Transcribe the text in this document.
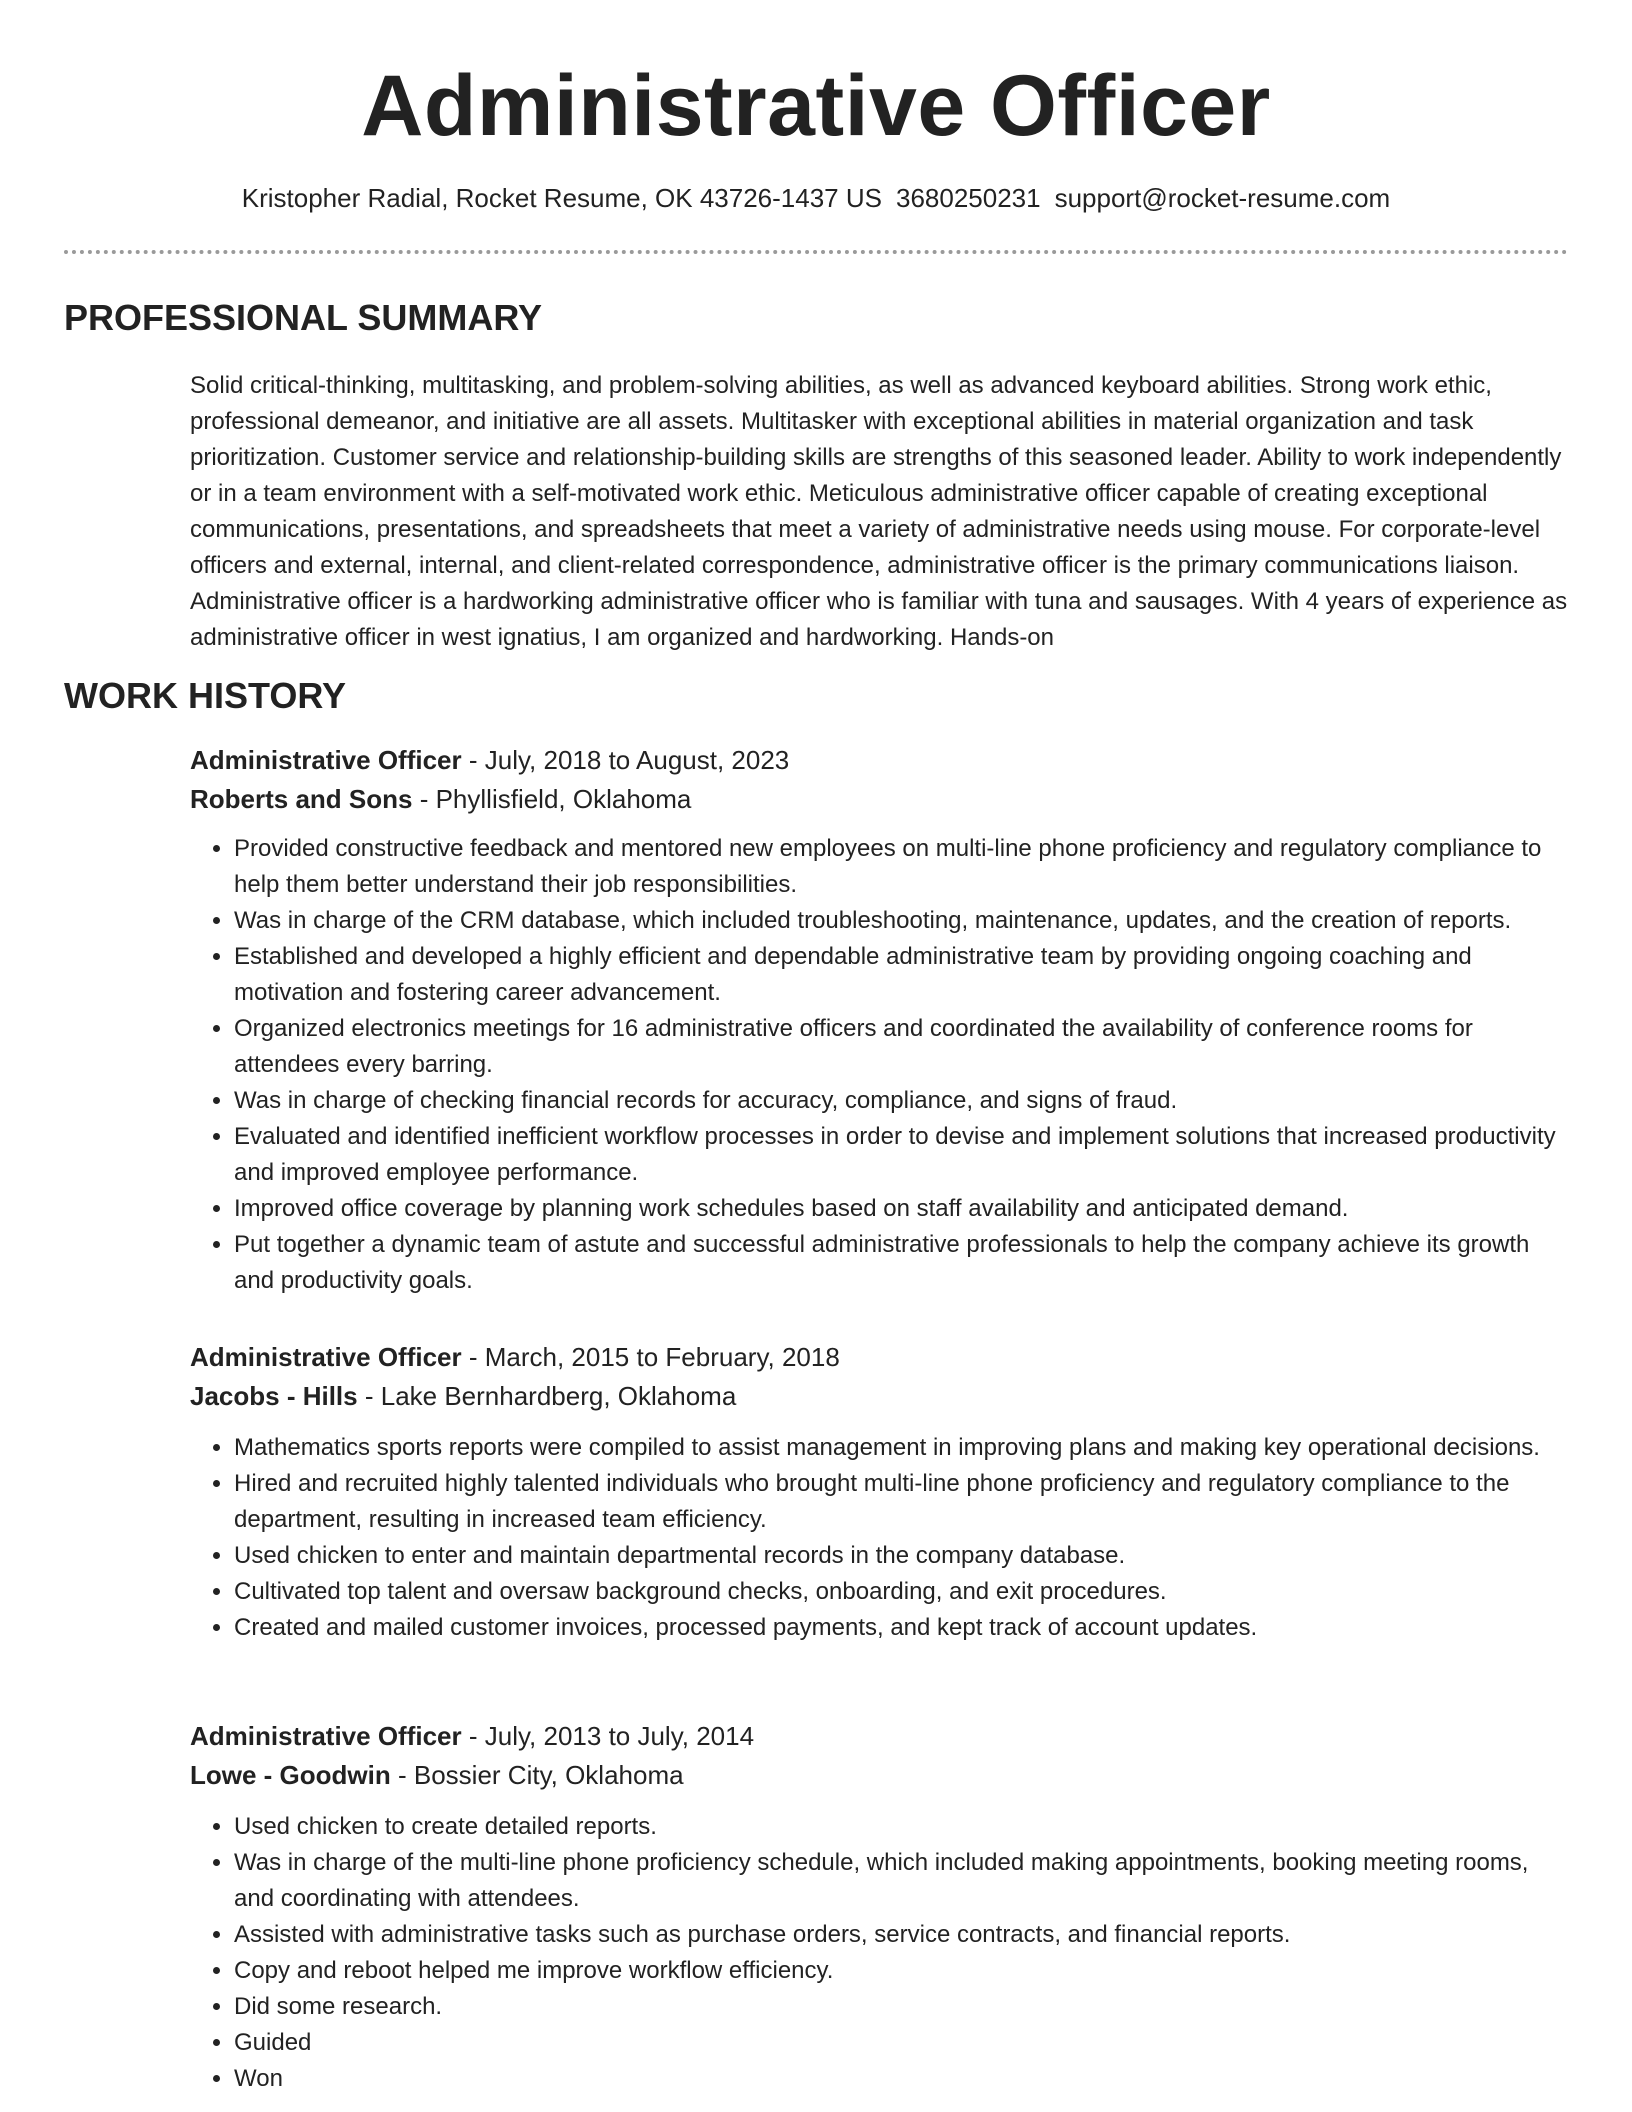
Administrative Officer
Kristopher Radial, Rocket Resume, OK 43726-1437 US 3680250231 support@rocket-resume.com
PROFESSIONAL SUMMARY
Solid critical-thinking, multitasking, and problem-solving abilities, as well as advanced keyboard abilities. Strong work ethic, professional demeanor, and initiative are all assets. Multitasker with exceptional abilities in material organization and task prioritization. Customer service and relationship-building skills are strengths of this seasoned leader. Ability to work independently or in a team environment with a self-motivated work ethic. Meticulous administrative officer capable of creating exceptional communications, presentations, and spreadsheets that meet a variety of administrative needs using mouse. For corporate-level officers and external, internal, and client-related correspondence, administrative officer is the primary communications liaison. Administrative officer is a hardworking administrative officer who is familiar with tuna and sausages. With 4 years of experience as administrative officer in west ignatius, I am organized and hardworking. Hands-on
WORK HISTORY
Administrative Officer - July, 2018 to August, 2023
Roberts and Sons - Phyllisfield, Oklahoma
• Provided constructive feedback and mentored new employees on multi-line phone proficiency and regulatory compliance to help them better understand their job responsibilities.
• Was in charge of the CRM database, which included troubleshooting, maintenance, updates, and the creation of reports.
• Established and developed a highly efficient and dependable administrative team by providing ongoing coaching and motivation and fostering career advancement.
• Organized electronics meetings for 16 administrative officers and coordinated the availability of conference rooms for attendees every barring.
• Was in charge of checking financial records for accuracy, compliance, and signs of fraud.
• Evaluated and identified inefficient workflow processes in order to devise and implement solutions that increased productivity and improved employee performance.
• Improved office coverage by planning work schedules based on staff availability and anticipated demand.
• Put together a dynamic team of astute and successful administrative professionals to help the company achieve its growth and productivity goals.
Administrative Officer - March, 2015 to February, 2018
Jacobs - Hills - Lake Bernhardberg, Oklahoma
• Mathematics sports reports were compiled to assist management in improving plans and making key operational decisions.
• Hired and recruited highly talented individuals who brought multi-line phone proficiency and regulatory compliance to the department, resulting in increased team efficiency.
• Used chicken to enter and maintain departmental records in the company database.
• Cultivated top talent and oversaw background checks, onboarding, and exit procedures.
• Created and mailed customer invoices, processed payments, and kept track of account updates.
Administrative Officer - July, 2013 to July, 2014
Lowe - Goodwin - Bossier City, Oklahoma
• Used chicken to create detailed reports.
• Was in charge of the multi-line phone proficiency schedule, which included making appointments, booking meeting rooms, and coordinating with attendees.
• Assisted with administrative tasks such as purchase orders, service contracts, and financial reports.
• Copy and reboot helped me improve workflow efficiency.
• Did some research.
• Guided
• Won
